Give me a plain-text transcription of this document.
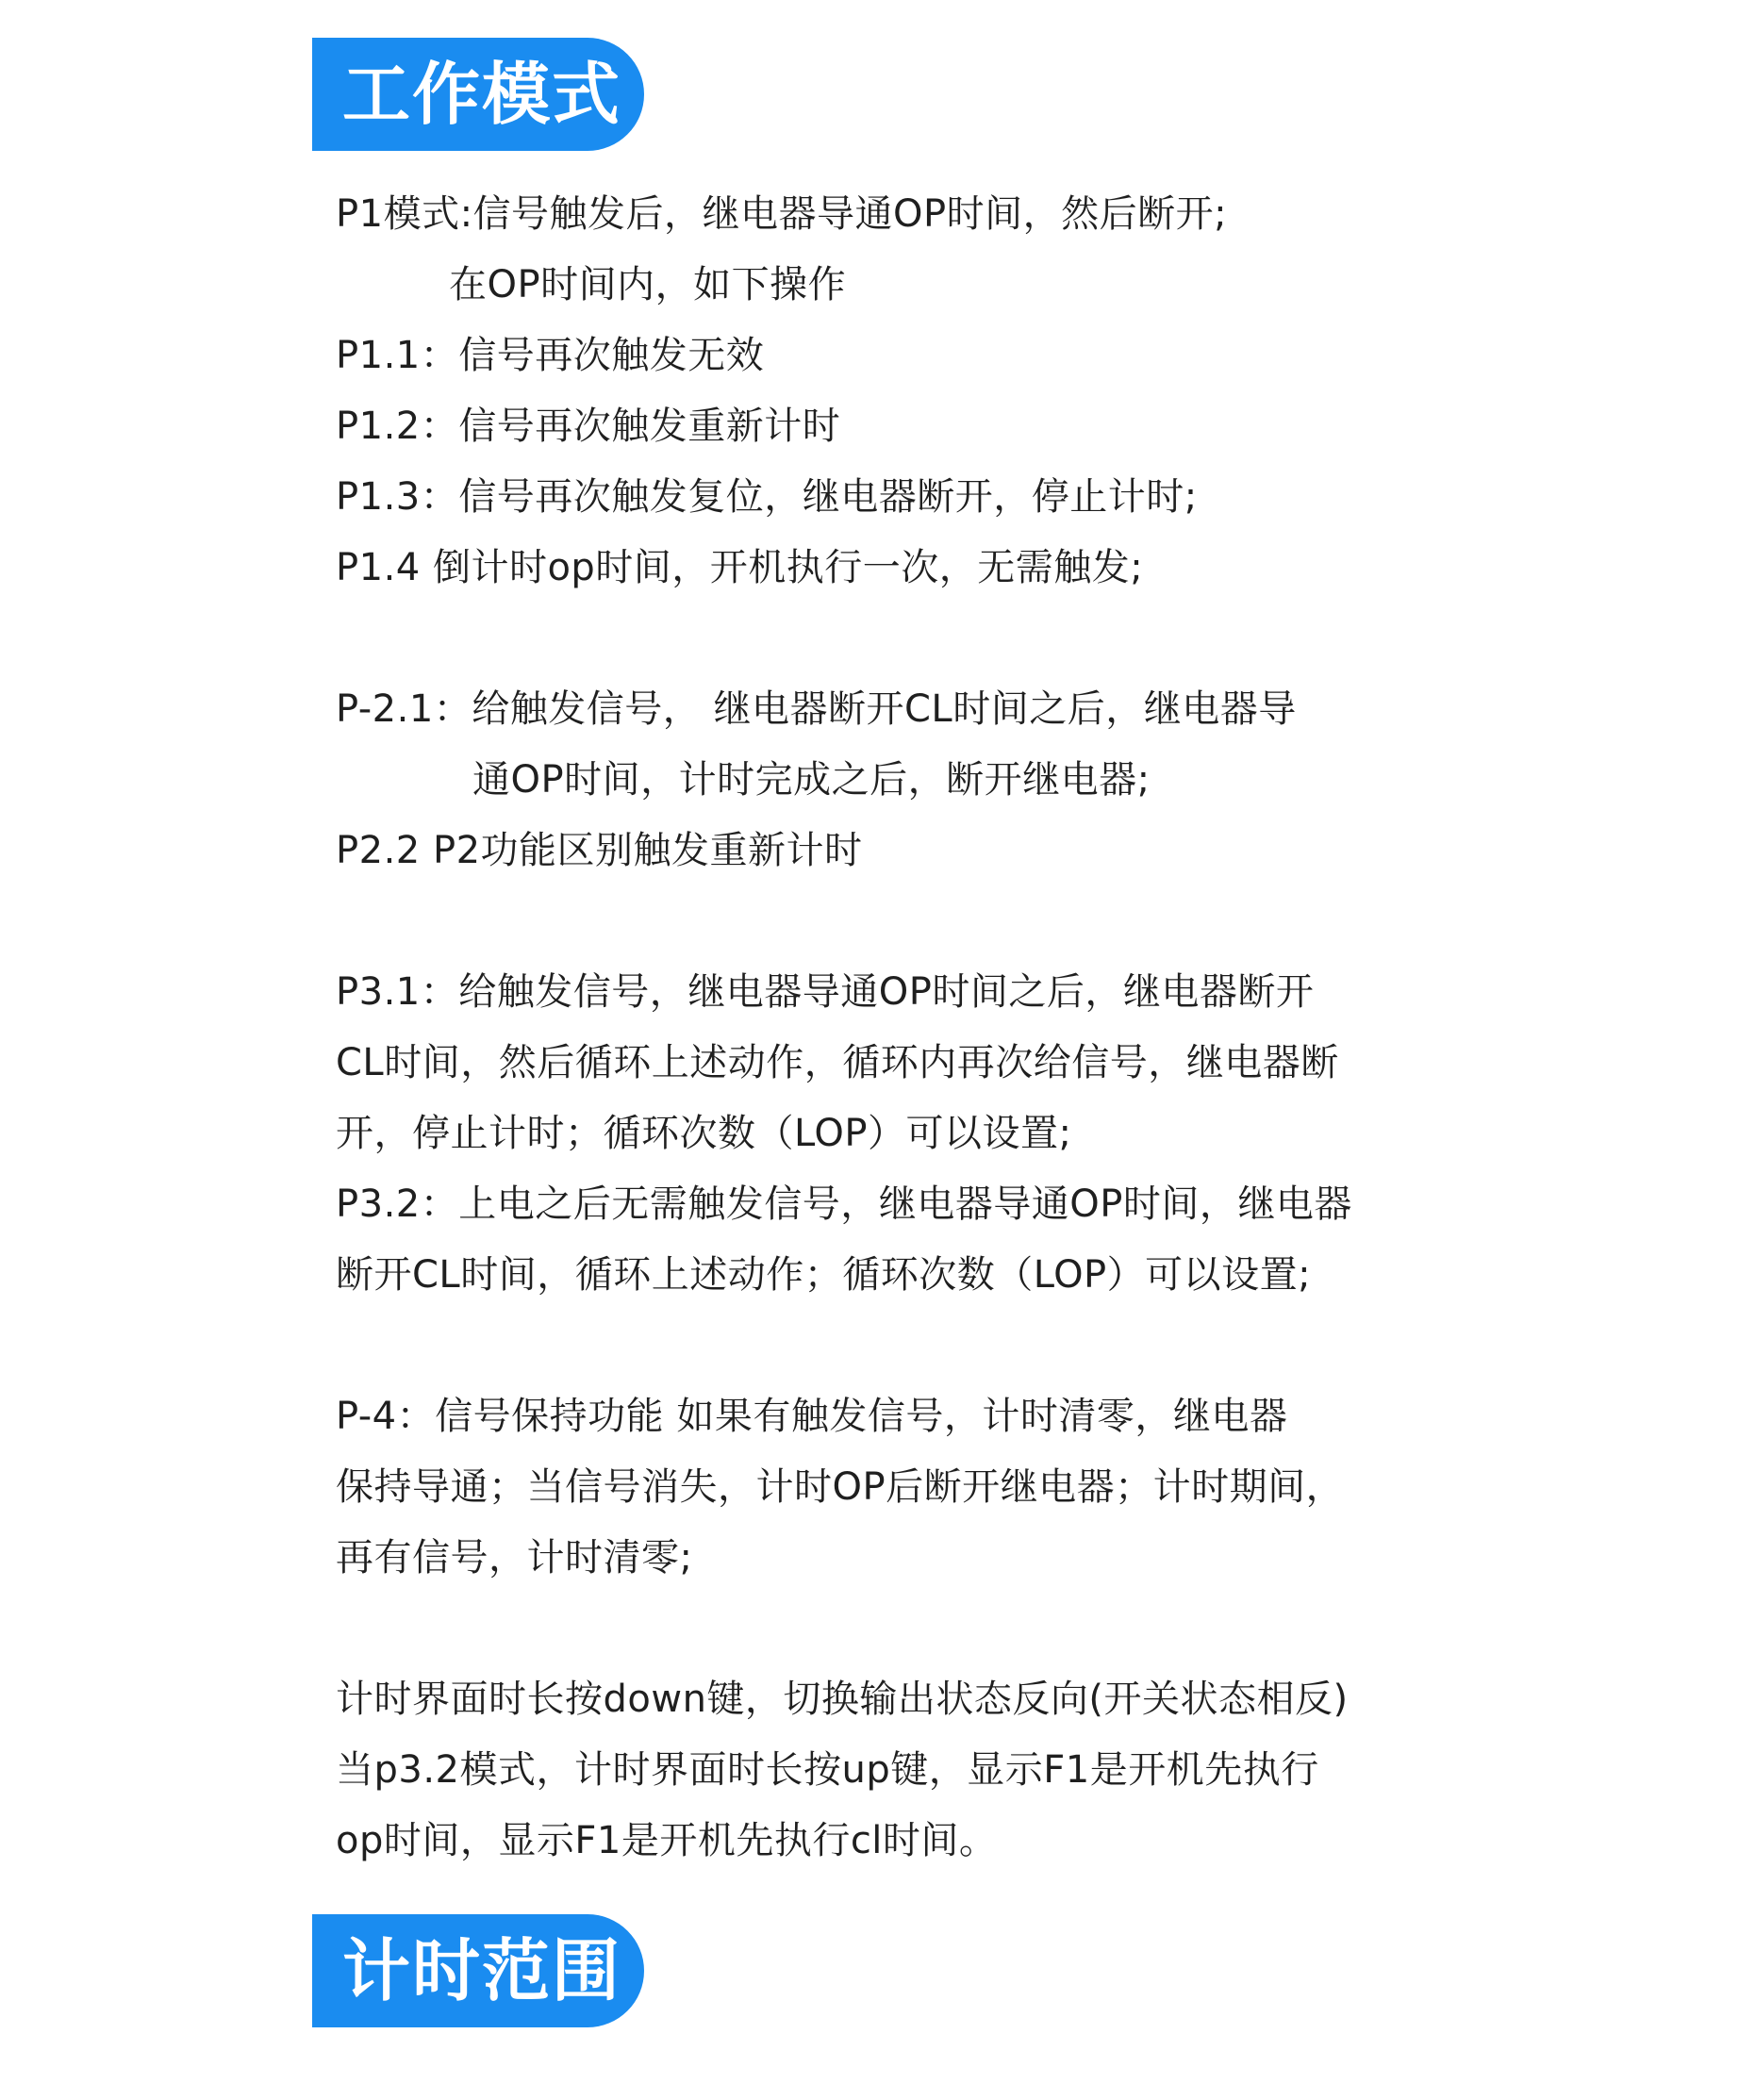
工作模式
P1模式:信号触发后，继电器导通OP时间，然后断开;
在OP时间内，如下操作
P1.1：信号再次触发无效
P1.2：信号再次触发重新计时
P1.3：信号再次触发复位，继电器断开，停止计时;
P1.4 倒计时op时间，开机执行一次，无需触发;
P-2.1：给触发信号， 继电器断开CL时间之后，继电器导
通OP时间，计时完成之后，断开继电器;
P2.2 P2功能区别触发重新计时
P3.1：给触发信号，继电器导通OP时间之后，继电器断开
CL时间，然后循环上述动作，循环内再次给信号，继电器断
开，停止计时；循环次数（LOP）可以设置;
P3.2：上电之后无需触发信号，继电器导通OP时间，继电器
断开CL时间，循环上述动作；循环次数（LOP）可以设置;
P-4：信号保持功能 如果有触发信号，计时清零，继电器
保持导通；当信号消失，计时OP后断开继电器；计时期间，
再有信号，计时清零;
计时界面时长按down键，切换输出状态反向(开关状态相反)
当p3.2模式，计时界面时长按up键，显示F1是开机先执行
op时间，显示F1是开机先执行cl时间。
计时范围
